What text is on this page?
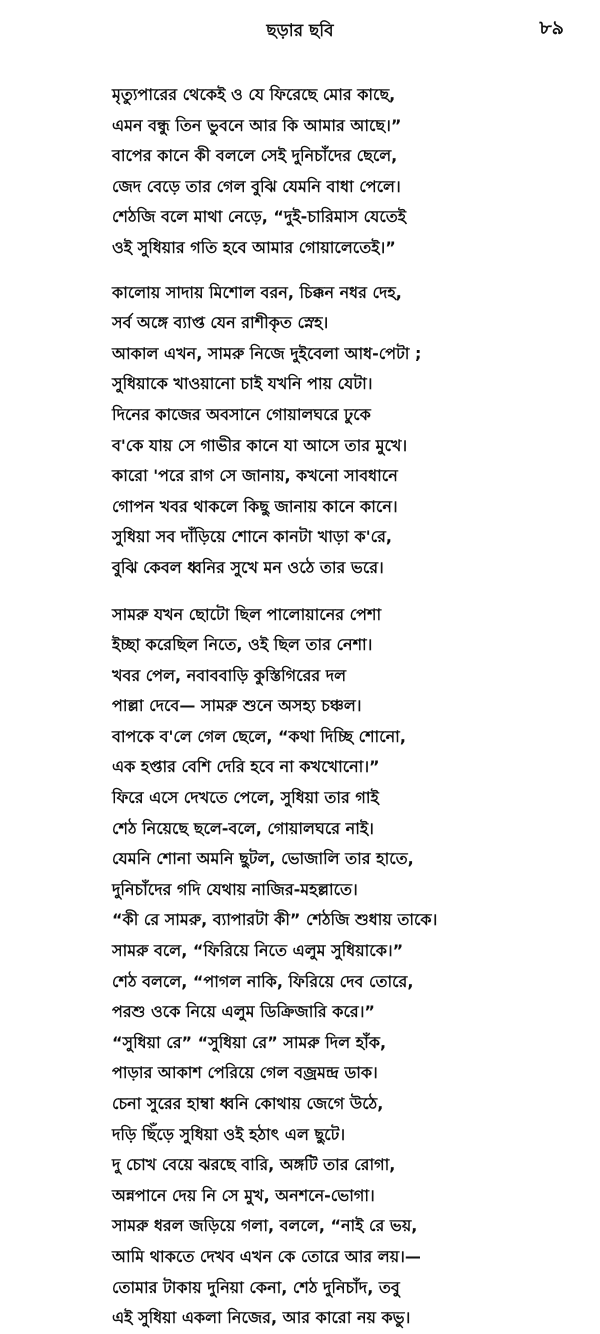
ছড়ার ছবি	৮৯
মৃত্যুপারের থেকেই ও যে ফিরেছে মোর কাছে,
এমন বন্ধু তিন ভুবনে আর কি আমার আছে।”
বাপের কানে কী বললে সেই দুনিচাঁদের ছেলে,
জেদ বেড়ে তার গেল বুঝি যেমনি বাধা পেলে।
শেঠজি বলে মাথা নেড়ে, “দুই-চারিমাস যেতেই
ওই সুধিয়ার গতি হবে আমার গোয়ালেতেই।”
কালোয় সাদায় মিশোল বরন, চিক্কন নধর দেহ,
সর্ব অঙ্গে ব্যাপ্ত যেন রাশীকৃত স্নেহ।
আকাল এখন, সামরু নিজে দুইবেলা আধ-পেটা ;
সুধিয়াকে খাওয়ানো চাই যখনি পায় যেটা।
দিনের কাজের অবসানে গোয়ালঘরে ঢুকে
ব'কে যায় সে গাভীর কানে যা আসে তার মুখে।
কারো 'পরে রাগ সে জানায়, কখনো সাবধানে
গোপন খবর থাকলে কিছু জানায় কানে কানে।
সুধিয়া সব দাঁড়িয়ে শোনে কানটা খাড়া ক'রে,
বুঝি কেবল ধ্বনির সুখে মন ওঠে তার ভরে।
সামরু যখন ছোটো ছিল পালোয়ানের পেশা
ইচ্ছা করেছিল নিতে, ওই ছিল তার নেশা।
খবর পেল, নবাববাড়ি কুস্তিগিরের দল
পাল্লা দেবে— সামরু শুনে অসহ্য চঞ্চল।
বাপকে ব'লে গেল ছেলে, “কথা দিচ্ছি শোনো,
এক হপ্তার বেশি দেরি হবে না কখখোনো।”
ফিরে এসে দেখতে পেলে, সুধিয়া তার গাই
শেঠ নিয়েছে ছলে-বলে, গোয়ালঘরে নাই।
যেমনি শোনা অমনি ছুটল, ভোজালি তার হাতে,
দুনিচাঁদের গদি যেথায় নাজির-মহল্লাতে।
“কী রে সামরু, ব্যাপারটা কী” শেঠজি শুধায় তাকে।
সামরু বলে, “ফিরিয়ে নিতে এলুম সুধিয়াকে।”
শেঠ বললে, “পাগল নাকি, ফিরিয়ে দেব তোরে,
পরশু ওকে নিয়ে এলুম ডিক্রিজারি করে।”
“সুধিয়া রে” “সুধিয়া রে” সামরু দিল হাঁক,
পাড়ার আকাশ পেরিয়ে গেল বজ্রমন্দ্র ডাক।
চেনা সুরের হাম্বা ধ্বনি কোথায় জেগে উঠে,
দড়ি ছিঁড়ে সুধিয়া ওই হঠাৎ এল ছুটে।
দু চোখ বেয়ে ঝরছে বারি, অঙ্গটি তার রোগা,
অন্নপানে দেয় নি সে মুখ, অনশনে-ভোগা।
সামরু ধরল জড়িয়ে গলা, বললে, “নাই রে ভয়,
আমি থাকতে দেখব এখন কে তোরে আর লয়।—
তোমার টাকায় দুনিয়া কেনা, শেঠ দুনিচাঁদ, তবু
এই সুধিয়া একলা নিজের, আর কারো নয় কভু।
